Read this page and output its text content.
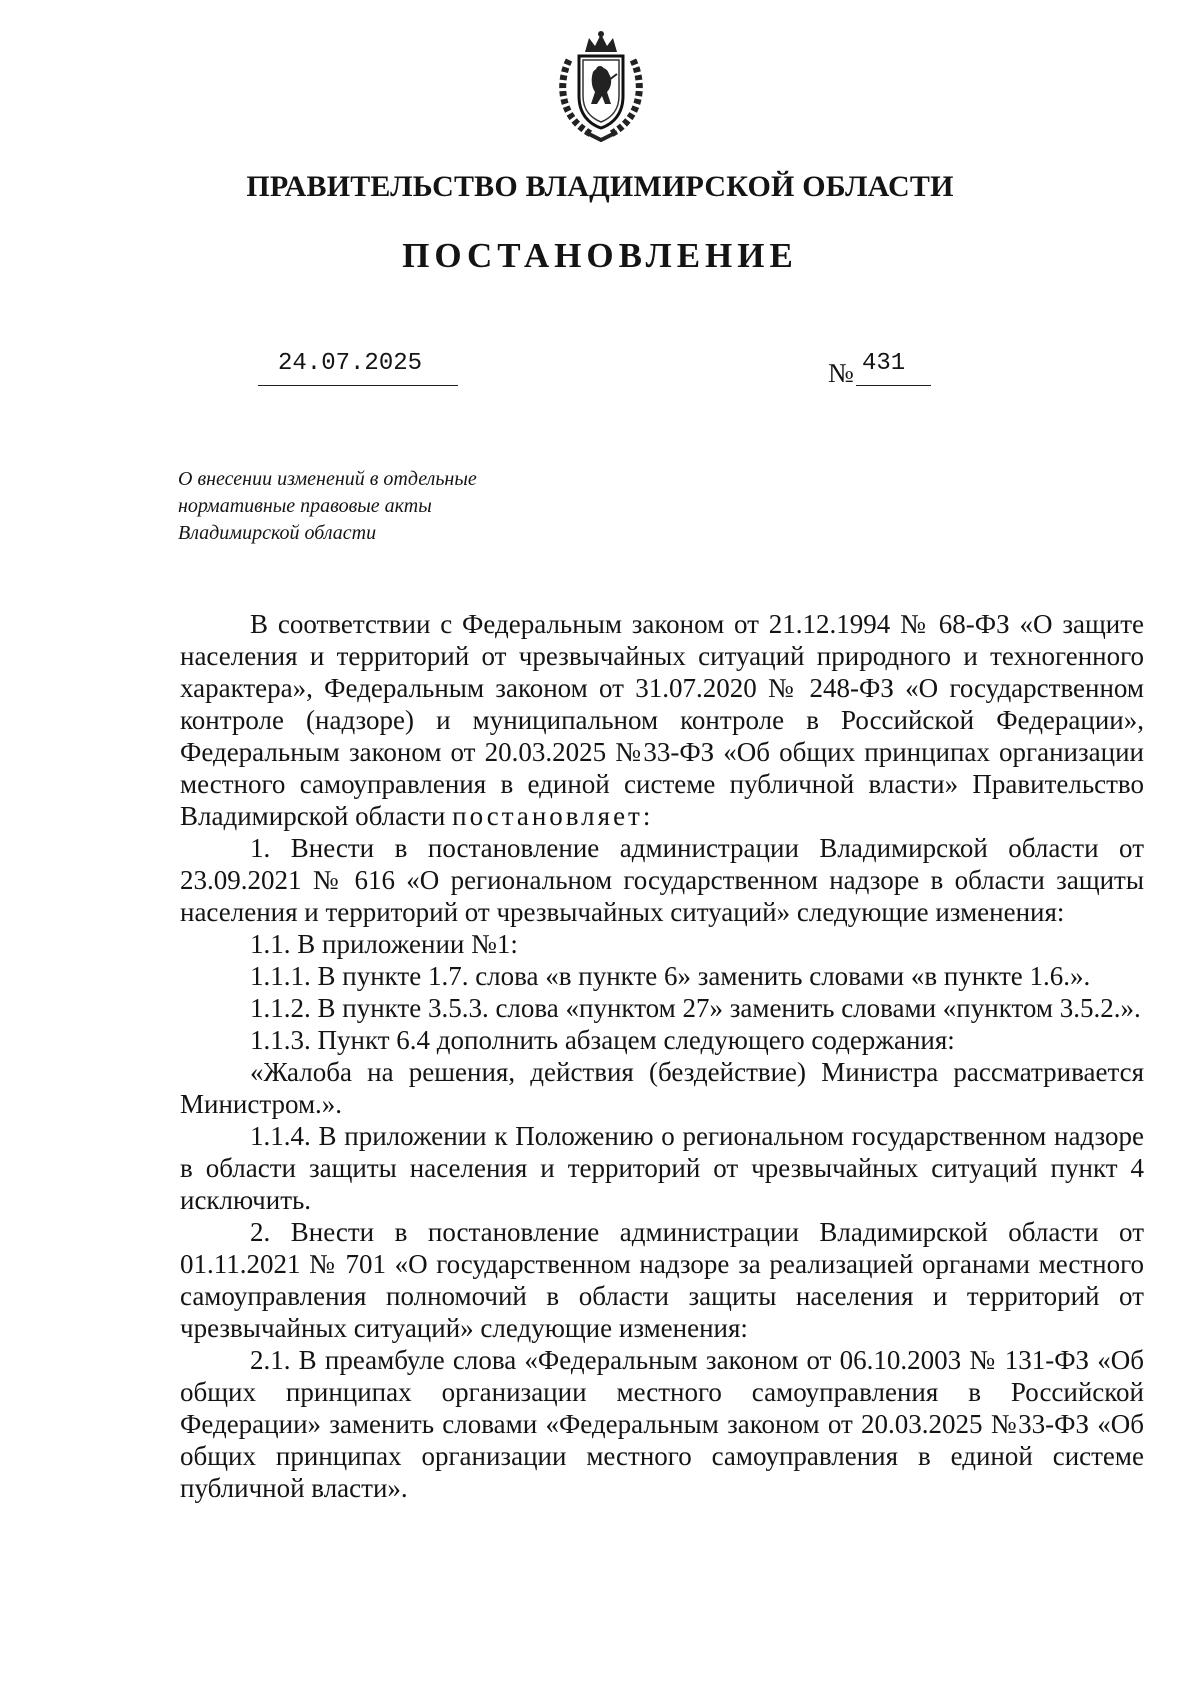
ПРАВИТЕЛЬСТВО ВЛАДИМИРСКОЙ ОБЛАСТИ
ПОСТАНОВЛЕНИЕ
24.07.2025	№ 431
О внесении изменений в отдельные
нормативные правовые акты
Владимирской области

В соответствии с Федеральным законом от 21.12.1994 № 68-ФЗ «О защите населения и территорий от чрезвычайных ситуаций природного и техногенного характера», Федеральным законом от 31.07.2020 № 248-ФЗ «О государственном контроле (надзоре) и муниципальном контроле в Российской Федерации», Федеральным законом от 20.03.2025 №33-ФЗ «Об общих принципах организации местного самоуправления в единой системе публичной власти» Правительство Владимирской области постановляет:

1. Внести в постановление администрации Владимирской области от 23.09.2021 № 616 «О региональном государственном надзоре в области защиты населения и территорий от чрезвычайных ситуаций» следующие изменения:

1.1. В приложении №1:

1.1.1. В пункте 1.7. слова «в пункте 6» заменить словами «в пункте 1.6.».

1.1.2. В пункте 3.5.3. слова «пунктом 27» заменить словами «пунктом 3.5.2.».

1.1.3. Пункт 6.4 дополнить абзацем следующего содержания:

«Жалоба на решения, действия (бездействие) Министра рассматривается Министром.».

1.1.4. В приложении к Положению о региональном государственном надзоре в области защиты населения и территорий от чрезвычайных ситуаций пункт 4 исключить.

2. Внести в постановление администрации Владимирской области от 01.11.2021 № 701 «О государственном надзоре за реализацией органами местного самоуправления полномочий в области защиты населения и территорий от чрезвычайных ситуаций» следующие изменения:

2.1. В преамбуле слова «Федеральным законом от 06.10.2003 № 131-ФЗ «Об общих принципах организации местного самоуправления в Российской Федерации» заменить словами «Федеральным законом от 20.03.2025 №33-ФЗ «Об общих принципах организации местного самоуправления в единой системе публичной власти».
